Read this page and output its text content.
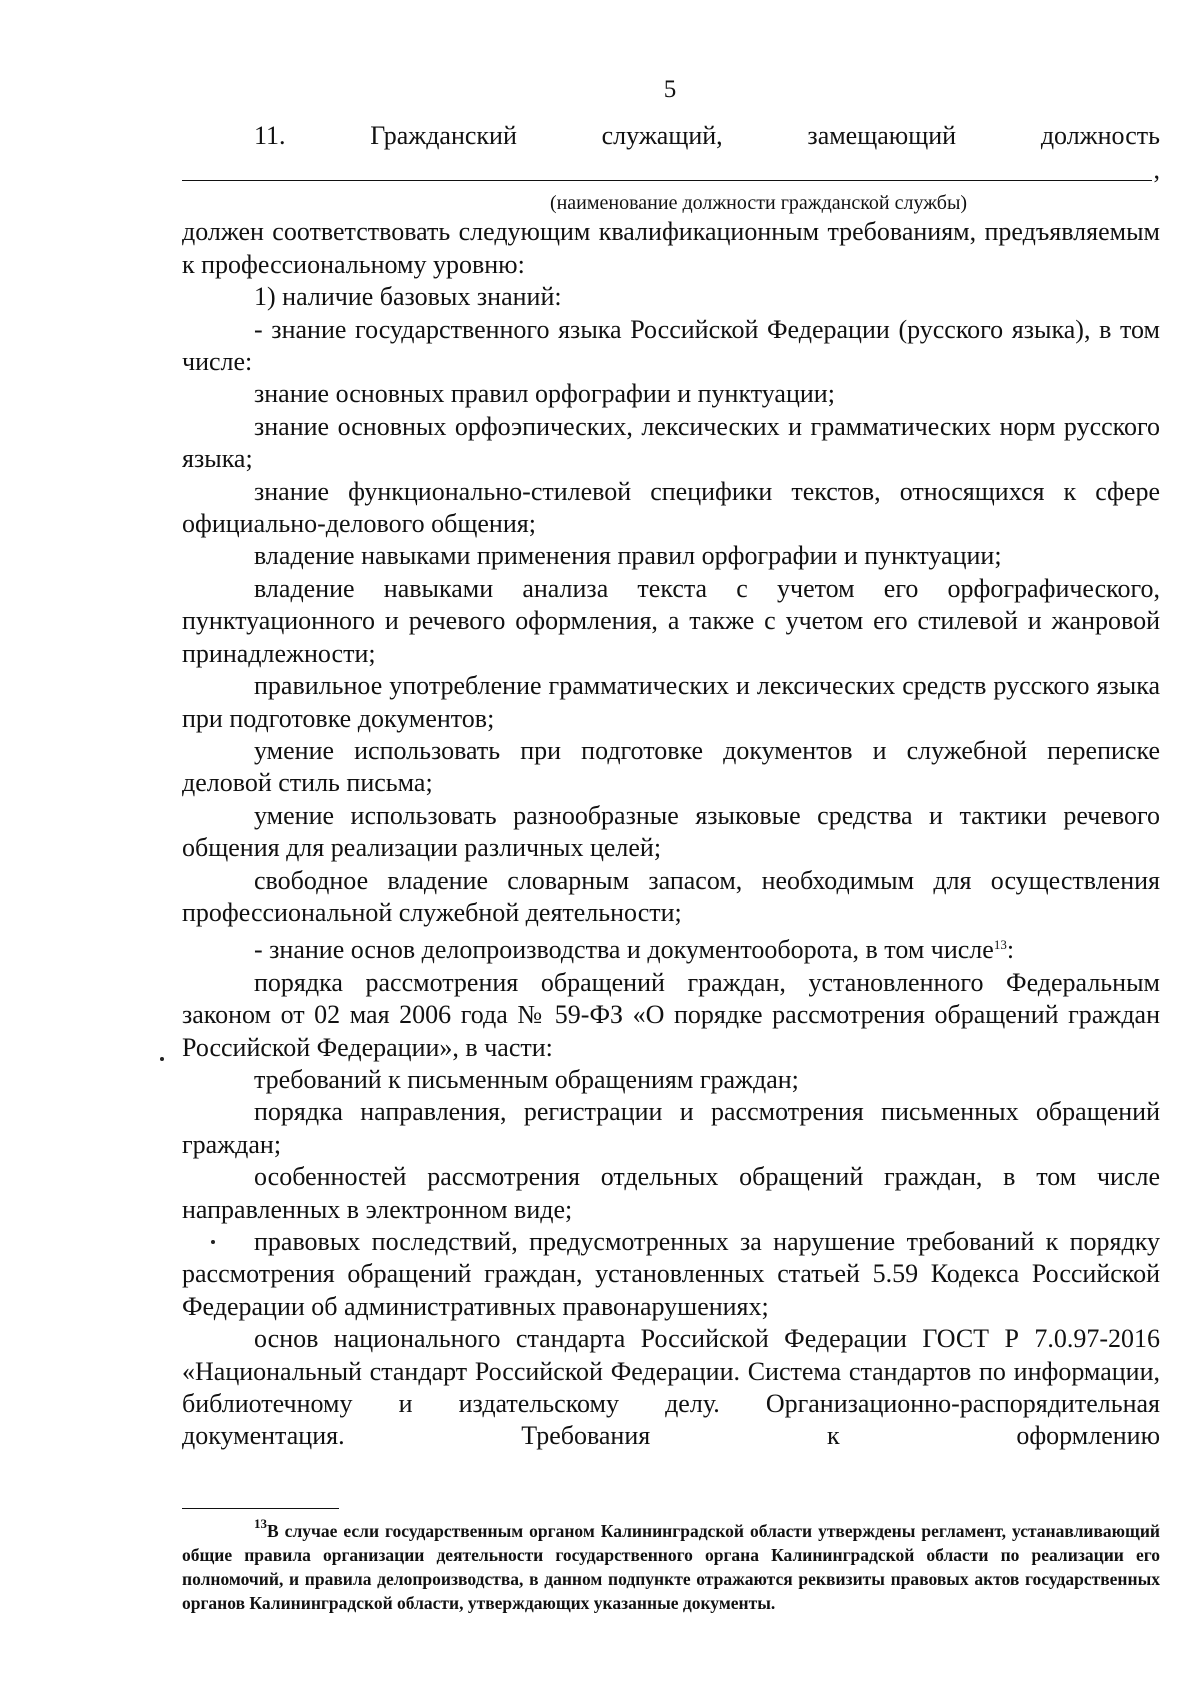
5
11.	Гражданский	служащий,	замещающий	должность
,
(наименование должности гражданской службы)

должен соответствовать следующим квалификационным требованиям, предъявляемым к профессиональному уровню:

1) наличие базовых знаний:

- знание государственного языка Российской Федерации (русского языка), в том числе:

знание основных правил орфографии и пунктуации;

знание основных орфоэпических, лексических и грамматических норм русского языка;

знание функционально-стилевой специфики текстов, относящихся к сфере официально-делового общения;

владение навыками применения правил орфографии и пунктуации;

владение навыками анализа текста с учетом его орфографического, пунктуационного и речевого оформления, а также с учетом его стилевой и жанровой принадлежности;

правильное употребление грамматических и лексических средств русского языка при подготовке документов;

умение использовать при подготовке документов и служебной переписке деловой стиль письма;

умение использовать разнообразные языковые средства и тактики речевого общения для реализации различных целей;

свободное владение словарным запасом, необходимым для осуществления профессиональной служебной деятельности;

- знание основ делопроизводства и документооборота, в том числе$^{13}$:

порядка рассмотрения обращений граждан, установленного Федеральным законом от 02 мая 2006 года № 59-ФЗ «О порядке рассмотрения обращений граждан Российской Федерации», в части:

требований к письменным обращениям граждан;

порядка направления, регистрации и рассмотрения письменных обращений граждан;

особенностей рассмотрения отдельных обращений граждан, в том числе направленных в электронном виде;

правовых последствий, предусмотренных за нарушение требований к порядку рассмотрения обращений граждан, установленных статьей 5.59 Кодекса Российской Федерации об административных правонарушениях;

основ национального стандарта Российской Федерации ГОСТ Р 7.0.97-2016 «Национальный стандарт Российской Федерации. Система стандартов по информации, библиотечному и издательскому делу. Организационно-распорядительная документация. Требования к оформлению

$^{13}$В случае если государственным органом Калининградской области утверждены регламент, устанавливающий общие правила организации деятельности государственного органа Калининградской области по реализации его полномочий, и правила делопроизводства, в данном подпункте отражаются реквизиты правовых актов государственных органов Калининградской области, утверждающих указанные документы.
